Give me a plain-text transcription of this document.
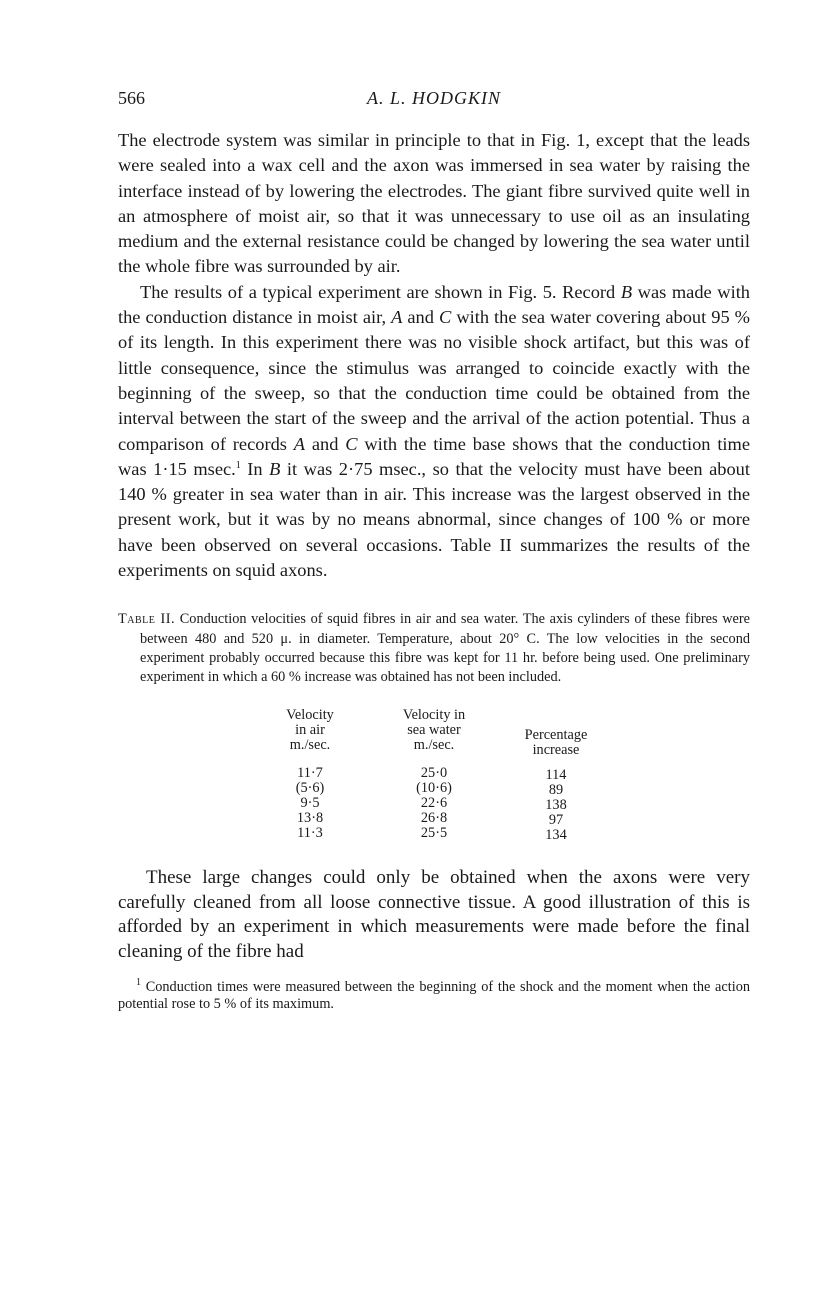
566	A. L. HODGKIN

The electrode system was similar in principle to that in Fig. 1, except that the leads were sealed into a wax cell and the axon was immersed in sea water by raising the interface instead of by lowering the electrodes. The giant fibre survived quite well in an atmosphere of moist air, so that it was unnecessary to use oil as an insulating medium and the external resistance could be changed by lowering the sea water until the whole fibre was surrounded by air.

The results of a typical experiment are shown in Fig. 5. Record B was made with the conduction distance in moist air, A and C with the sea water covering about 95 % of its length. In this experiment there was no visible shock artifact, but this was of little consequence, since the stimulus was arranged to coincide exactly with the beginning of the sweep, so that the conduction time could be obtained from the interval between the start of the sweep and the arrival of the action potential. Thus a comparison of records A and C with the time base shows that the conduction time was 1·15 msec.$^1$ In B it was 2·75 msec., so that the velocity must have been about 140 % greater in sea water than in air. This increase was the largest observed in the present work, but it was by no means abnormal, since changes of 100 % or more have been observed on several occasions. Table II summarizes the results of the experiments on squid axons.

Table II. Conduction velocities of squid fibres in air and sea water. The axis cylinders of these fibres were between 480 and 520 μ. in diameter. Temperature, about 20° C. The low velocities in the second experiment probably occurred because this fibre was kept for 11 hr. before being used. One preliminary experiment in which a 60 % increase was obtained has not been included.

Velocity
in air
m./sec.
11·7
(5·6)
9·5
13·8
11·3
Velocity in
sea water
m./sec.
25·0
(10·6)
22·6
26·8
25·5
Percentage
increase
114
89
138
97
134

These large changes could only be obtained when the axons were very carefully cleaned from all loose connective tissue. A good illustration of this is afforded by an experiment in which measurements were made before the final cleaning of the fibre had

$^1$ Conduction times were measured between the beginning of the shock and the moment when the action potential rose to 5 % of its maximum.
